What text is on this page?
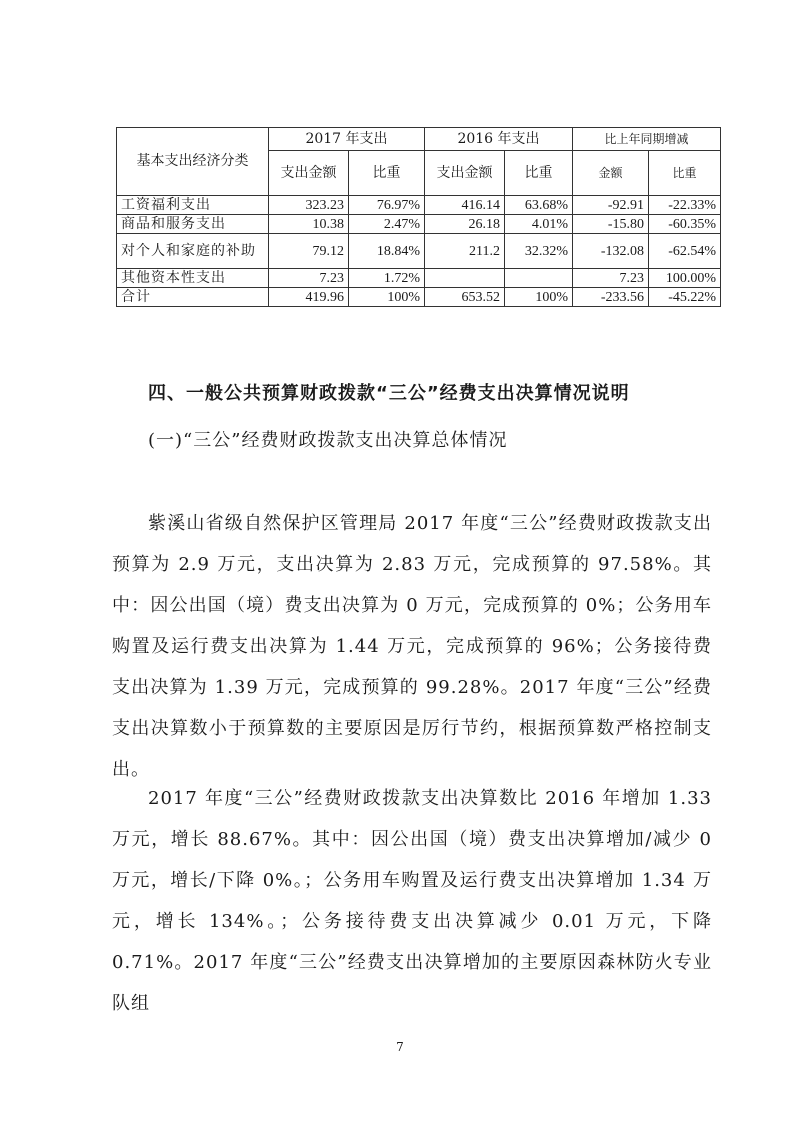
基本支出经济分类	2017 年支出		2016 年支出		比上年同期增减	
	支出金额	比重	支出金额	比重	金额	比重
工资福利支出	323.23	76.97%	416.14	63.68%	-92.91	-22.33%
商品和服务支出	10.38	2.47%	26.18	4.01%	-15.80	-60.35%
对个人和家庭的补助	79.12	18.84%	211.2	32.32%	-132.08	-62.54%
其他资本性支出	7.23	1.72%			7.23	100.00%
合计	419.96	100%	653.52	100%	-233.56	-45.22%
四、一般公共预算财政拨款“三公”经费支出决算情况说明
(一)“三公”经费财政拨款支出决算总体情况

紫溪山省级自然保护区管理局 2017 年度“三公”经费财政拨款支出预算为 2.9 万元，支出决算为 2.83 万元，完成预算的 97.58%。其中：因公出国（境）费支出决算为 0 万元，完成预算的 0%；公务用车购置及运行费支出决算为 1.44 万元，完成预算的 96%；公务接待费支出决算为 1.39 万元，完成预算的 99.28%。2017 年度“三公”经费支出决算数小于预算数的主要原因是厉行节约，根据预算数严格控制支出。

2017 年度“三公”经费财政拨款支出决算数比 2016 年增加 1.33 万元，增长 88.67%。其中：因公出国（境）费支出决算增加/减少 0 万元，增长/下降 0%。；公务用车购置及运行费支出决算增加 1.34 万元，增长 134%。；公务接待费支出决算减少 0.01 万元，下降 0.71%。2017 年度“三公”经费支出决算增加的主要原因森林防火专业队组

7
